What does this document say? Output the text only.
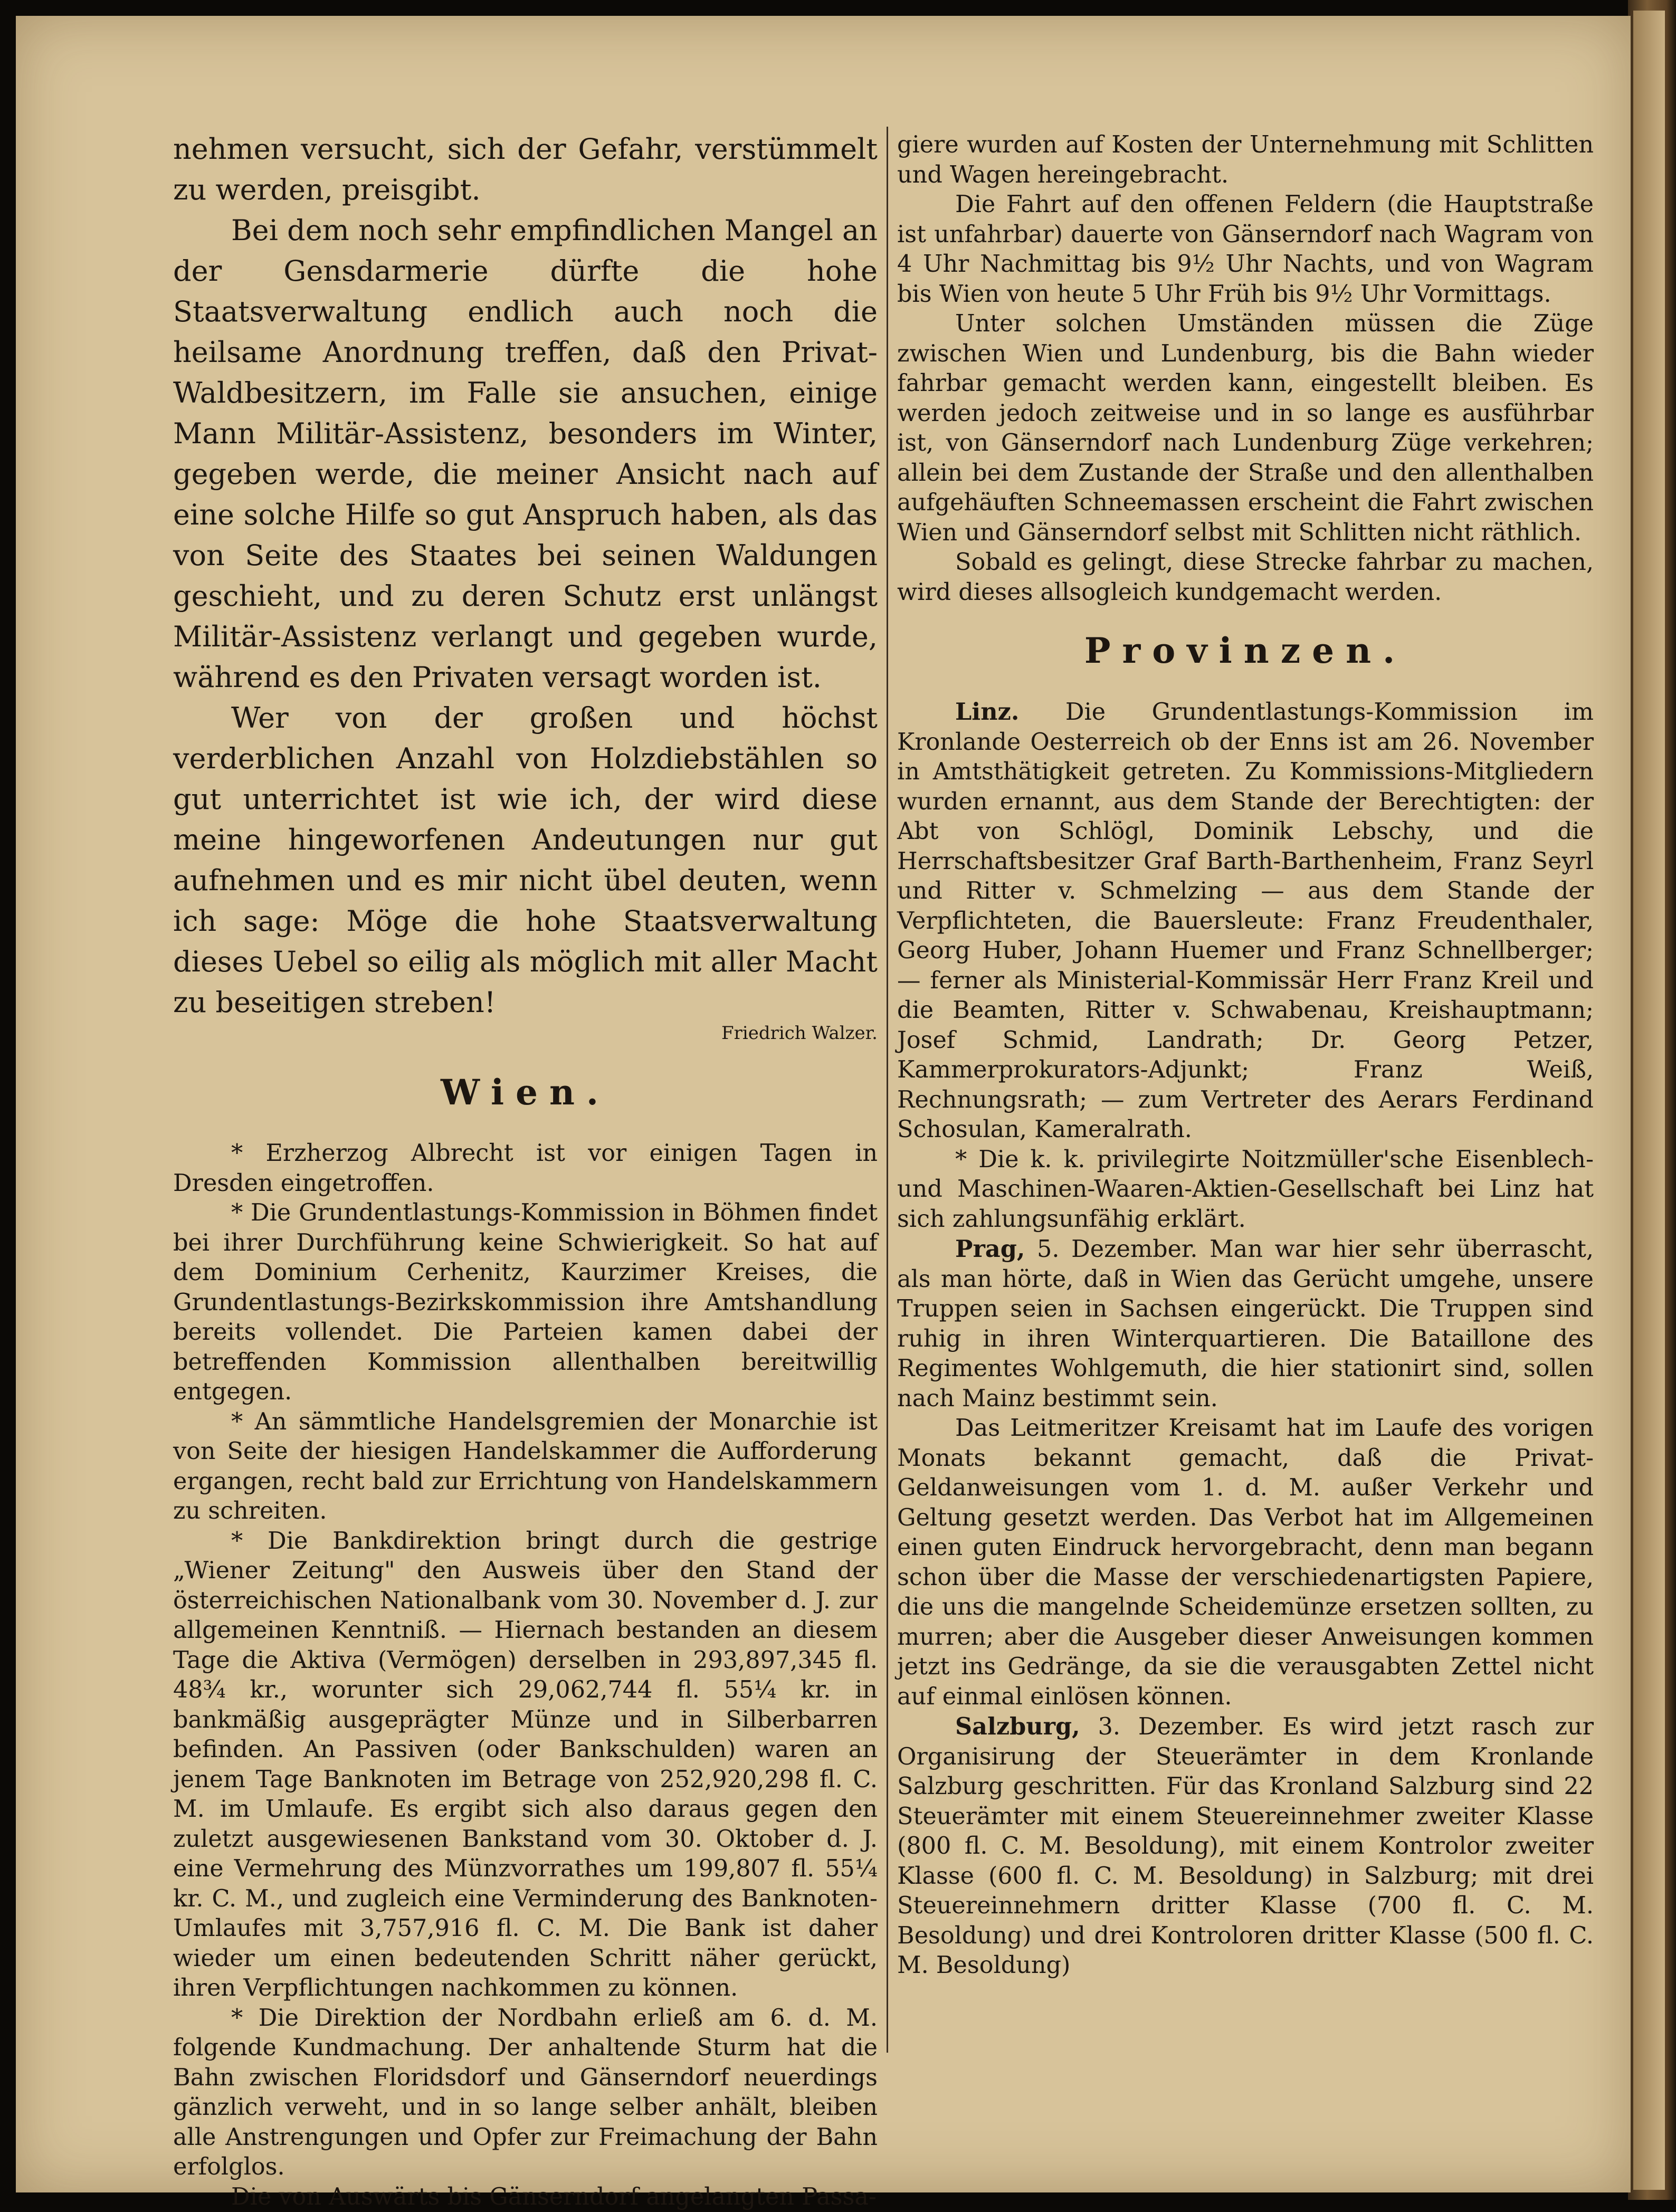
nehmen versucht, sich der Gefahr, verstümmelt zu werden, preisgibt.

Bei dem noch sehr empfindlichen Mangel an der Gensdarmerie dürfte die hohe Staatsverwaltung endlich auch noch die heilsame Anordnung treffen, daß den Privat-Waldbesitzern, im Falle sie ansuchen, einige Mann Militär-Assistenz, besonders im Winter, gegeben werde, die meiner Ansicht nach auf eine solche Hilfe so gut Anspruch haben, als das von Seite des Staates bei seinen Waldungen geschieht, und zu deren Schutz erst unlängst Militär-Assistenz verlangt und gegeben wurde, während es den Privaten versagt worden ist.

Wer von der großen und höchst verderblichen Anzahl von Holzdiebstählen so gut unterrichtet ist wie ich, der wird diese meine hingeworfenen Andeutungen nur gut aufnehmen und es mir nicht übel deuten, wenn ich sage: Möge die hohe Staatsverwaltung dieses Uebel so eilig als möglich mit aller Macht zu beseitigen streben!

Friedrich Walzer.

Wien.

* Erzherzog Albrecht ist vor einigen Tagen in Dresden eingetroffen.

* Die Grundentlastungs-Kommission in Böhmen findet bei ihrer Durchführung keine Schwierigkeit. So hat auf dem Dominium Cerhenitz, Kaurzimer Kreises, die Grundentlastungs-Bezirkskommission ihre Amtshandlung bereits vollendet. Die Parteien kamen dabei der betreffenden Kommission allenthalben bereitwillig entgegen.

* An sämmtliche Handelsgremien der Monarchie ist von Seite der hiesigen Handelskammer die Aufforderung ergangen, recht bald zur Errichtung von Handelskammern zu schreiten.

* Die Bankdirektion bringt durch die gestrige „Wiener Zeitung" den Ausweis über den Stand der österreichischen Nationalbank vom 30. November d. J. zur allgemeinen Kenntniß. — Hiernach bestanden an diesem Tage die Aktiva (Vermögen) derselben in 293,897,345 fl. 48¾ kr., worunter sich 29,062,744 fl. 55¼ kr. in bankmäßig ausgeprägter Münze und in Silberbarren befinden. An Passiven (oder Bankschulden) waren an jenem Tage Banknoten im Betrage von 252,920,298 fl. C. M. im Umlaufe. Es ergibt sich also daraus gegen den zuletzt ausgewiesenen Bankstand vom 30. Oktober d. J. eine Vermehrung des Münzvorrathes um 199,807 fl. 55¼ kr. C. M., und zugleich eine Verminderung des Banknoten-Umlaufes mit 3,757,916 fl. C. M. Die Bank ist daher wieder um einen bedeutenden Schritt näher gerückt, ihren Verpflichtungen nachkommen zu können.

* Die Direktion der Nordbahn erließ am 6. d. M. folgende Kundmachung. Der anhaltende Sturm hat die Bahn zwischen Floridsdorf und Gänserndorf neuerdings gänzlich verweht, und in so lange selber anhält, bleiben alle Anstrengungen und Opfer zur Freimachung der Bahn erfolglos.

Die von Auswärts bis Gänserndorf angelangten Passa-

giere wurden auf Kosten der Unternehmung mit Schlitten und Wagen hereingebracht.

Die Fahrt auf den offenen Feldern (die Hauptstraße ist unfahrbar) dauerte von Gänserndorf nach Wagram von 4 Uhr Nachmittag bis 9½ Uhr Nachts, und von Wagram bis Wien von heute 5 Uhr Früh bis 9½ Uhr Vormittags.

Unter solchen Umständen müssen die Züge zwischen Wien und Lundenburg, bis die Bahn wieder fahrbar gemacht werden kann, eingestellt bleiben. Es werden jedoch zeitweise und in so lange es ausführbar ist, von Gänserndorf nach Lundenburg Züge verkehren; allein bei dem Zustande der Straße und den allenthalben aufgehäuften Schneemassen erscheint die Fahrt zwischen Wien und Gänserndorf selbst mit Schlitten nicht räthlich.

Sobald es gelingt, diese Strecke fahrbar zu machen, wird dieses allsogleich kundgemacht werden.

Provinzen.

Linz. Die Grundentlastungs-Kommission im Kronlande Oesterreich ob der Enns ist am 26. November in Amtsthätigkeit getreten. Zu Kommissions-Mitgliedern wurden ernannt, aus dem Stande der Berechtigten: der Abt von Schlögl, Dominik Lebschy, und die Herrschaftsbesitzer Graf Barth-Barthenheim, Franz Seyrl und Ritter v. Schmelzing — aus dem Stande der Verpflichteten, die Bauersleute: Franz Freudenthaler, Georg Huber, Johann Huemer und Franz Schnellberger; — ferner als Ministerial-Kommissär Herr Franz Kreil und die Beamten, Ritter v. Schwabenau, Kreishauptmann; Josef Schmid, Landrath; Dr. Georg Petzer, Kammerprokurators-Adjunkt; Franz Weiß, Rechnungsrath; — zum Vertreter des Aerars Ferdinand Schosulan, Kameralrath.

* Die k. k. privilegirte Noitzmüller'sche Eisenblech- und Maschinen-Waaren-Aktien-Gesellschaft bei Linz hat sich zahlungsunfähig erklärt.

Prag, 5. Dezember. Man war hier sehr überrascht, als man hörte, daß in Wien das Gerücht umgehe, unsere Truppen seien in Sachsen eingerückt. Die Truppen sind ruhig in ihren Winterquartieren. Die Bataillone des Regimentes Wohlgemuth, die hier stationirt sind, sollen nach Mainz bestimmt sein.

Das Leitmeritzer Kreisamt hat im Laufe des vorigen Monats bekannt gemacht, daß die Privat-Geldanweisungen vom 1. d. M. außer Verkehr und Geltung gesetzt werden. Das Verbot hat im Allgemeinen einen guten Eindruck hervorgebracht, denn man begann schon über die Masse der verschiedenartigsten Papiere, die uns die mangelnde Scheidemünze ersetzen sollten, zu murren; aber die Ausgeber dieser Anweisungen kommen jetzt ins Gedränge, da sie die verausgabten Zettel nicht auf einmal einlösen können.

Salzburg, 3. Dezember. Es wird jetzt rasch zur Organisirung der Steuerämter in dem Kronlande Salzburg geschritten. Für das Kronland Salzburg sind 22 Steuerämter mit einem Steuereinnehmer zweiter Klasse (800 fl. C. M. Besoldung), mit einem Kontrolor zweiter Klasse (600 fl. C. M. Besoldung) in Salzburg; mit drei Steuereinnehmern dritter Klasse (700 fl. C. M. Besoldung) und drei Kontroloren dritter Klasse (500 fl. C. M. Besoldung)
